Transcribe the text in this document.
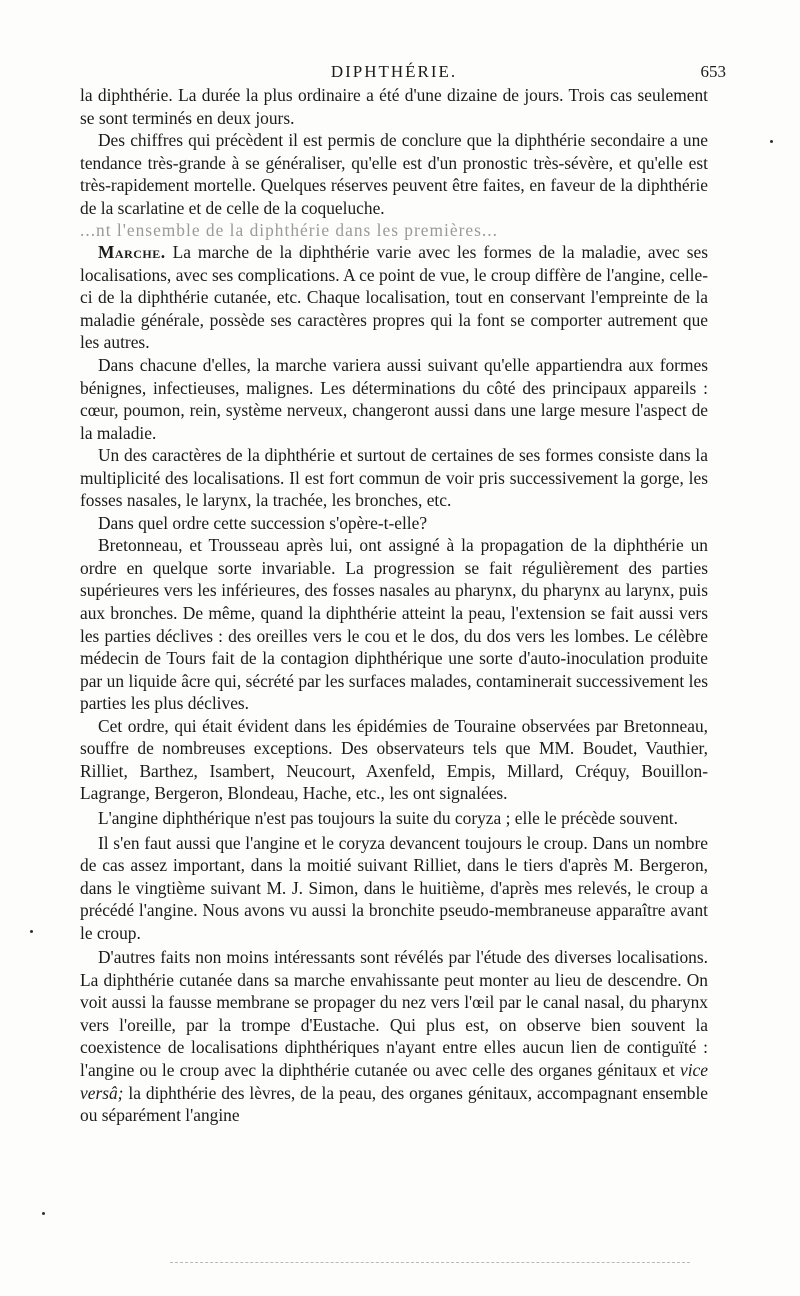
DIPHTHÉRIE.	653

la diphthérie. La durée la plus ordinaire a été d'une dizaine de jours. Trois cas seulement se sont terminés en deux jours.

Des chiffres qui précèdent il est permis de conclure que la diphthérie secondaire a une tendance très-grande à se généraliser, qu'elle est d'un pronostic très-sévère, et qu'elle est très-rapidement mortelle. Quelques réserves peuvent être faites, en faveur de la diphthérie de la scarlatine et de celle de la coqueluche.

...nt l'ensemble de la diphthérie dans les premières...

Marche. La marche de la diphthérie varie avec les formes de la maladie, avec ses localisations, avec ses complications. A ce point de vue, le croup diffère de l'angine, celle-ci de la diphthérie cutanée, etc. Chaque localisation, tout en conservant l'empreinte de la maladie générale, possède ses caractères propres qui la font se comporter autrement que les autres.

Dans chacune d'elles, la marche variera aussi suivant qu'elle appartiendra aux formes bénignes, infectieuses, malignes. Les déterminations du côté des principaux appareils : cœur, poumon, rein, système nerveux, changeront aussi dans une large mesure l'aspect de la maladie.

Un des caractères de la diphthérie et surtout de certaines de ses formes consiste dans la multiplicité des localisations. Il est fort commun de voir pris successivement la gorge, les fosses nasales, le larynx, la trachée, les bronches, etc.

Dans quel ordre cette succession s'opère-t-elle?

Bretonneau, et Trousseau après lui, ont assigné à la propagation de la diphthérie un ordre en quelque sorte invariable. La progression se fait régulièrement des parties supérieures vers les inférieures, des fosses nasales au pharynx, du pharynx au larynx, puis aux bronches. De même, quand la diphthérie atteint la peau, l'extension se fait aussi vers les parties déclives : des oreilles vers le cou et le dos, du dos vers les lombes. Le célèbre médecin de Tours fait de la contagion diphthérique une sorte d'auto-inoculation produite par un liquide âcre qui, sécrété par les surfaces malades, contaminerait successivement les parties les plus déclives.

Cet ordre, qui était évident dans les épidémies de Touraine observées par Bretonneau, souffre de nombreuses exceptions. Des observateurs tels que MM. Boudet, Vauthier, Rilliet, Barthez, Isambert, Neucourt, Axenfeld, Empis, Millard, Créquy, Bouillon-Lagrange, Bergeron, Blondeau, Hache, etc., les ont signalées.

L'angine diphthérique n'est pas toujours la suite du coryza ; elle le précède souvent.

Il s'en faut aussi que l'angine et le coryza devancent toujours le croup. Dans un nombre de cas assez important, dans la moitié suivant Rilliet, dans le tiers d'après M. Bergeron, dans le vingtième suivant M. J. Simon, dans le huitième, d'après mes relevés, le croup a précédé l'angine. Nous avons vu aussi la bronchite pseudo-membraneuse apparaître avant le croup.

D'autres faits non moins intéressants sont révélés par l'étude des diverses localisations. La diphthérie cutanée dans sa marche envahissante peut monter au lieu de descendre. On voit aussi la fausse membrane se propager du nez vers l'œil par le canal nasal, du pharynx vers l'oreille, par la trompe d'Eustache. Qui plus est, on observe bien souvent la coexistence de localisations diphthériques n'ayant entre elles aucun lien de contiguïté : l'angine ou le croup avec la diphthérie cutanée ou avec celle des organes génitaux et vice versâ; la diphthérie des lèvres, de la peau, des organes génitaux, accompagnant ensemble ou séparément l'angine
